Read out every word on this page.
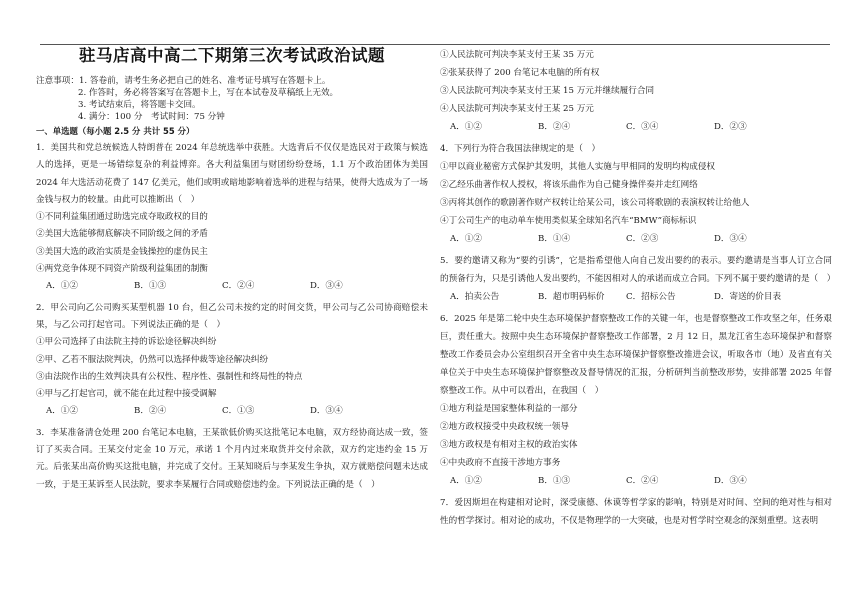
驻马店高中高二下期第三次考试政治试题

注意事项：1. 答卷前，请考生务必把自己的姓名、准考证号填写在答题卡上。

2. 作答时，务必将答案写在答题卡上，写在本试卷及草稿纸上无效。

3. 考试结束后，将答题卡交回。

4. 满分：100 分　考试时间：75 分钟

一、单选题（每小题 2.5 分 共计 55 分）

1．美国共和党总统候选人特朗普在 2024 年总统选举中获胜。大选背后不仅仅是选民对于政策与候选人的选择，更是一场错综复杂的利益博弈。各大利益集团与财团纷纷登场，1.1 万个政治团体为美国 2024 年大选活动花费了 147 亿美元，他们或明或暗地影响着选举的进程与结果，使得大选成为了一场金钱与权力的较量。由此可以推断出（　）

①不同利益集团通过助选完成夺取政权的目的

②美国大选能够彻底解决不同阶级之间的矛盾

③美国大选的政治实质是金钱操控的虚伪民主

④两党竞争体现不同资产阶级利益集团的制衡

A．①②	B．①③	C．②④	D．③④

2．甲公司向乙公司购买某型机器 10 台，但乙公司未按约定的时间交货，甲公司与乙公司协商赔偿未果，与乙公司打起官司。下列说法正确的是（　）

①甲公司选择了由法院主持的诉讼途径解决纠纷

②甲、乙若不服法院判决，仍然可以选择仲裁等途径解决纠纷

③由法院作出的生效判决具有公权性、程序性、强制性和终局性的特点

④甲与乙打起官司，就不能在此过程中接受调解

A．①②	B．②④	C．①③	D．③④

3．李某准备清仓处理 200 台笔记本电脑，王某欲低价购买这批笔记本电脑，双方经协商达成一致，签订了买卖合同。王某交付定金 10 万元，承诺 1 个月内过来取货并交付余款，双方约定违约金 15 万元。后张某出高价购买这批电脑，并完成了交付。王某知晓后与李某发生争执，双方就赔偿问题未达成一致，于是王某诉至人民法院，要求李某履行合同或赔偿违约金。下列说法正确的是（　）

①人民法院可判决李某支付王某 35 万元

②张某获得了 200 台笔记本电脑的所有权

③人民法院可判决李某支付王某 15 万元并继续履行合同

④人民法院可判决李某支付王某 25 万元

A．①②	B．②④	C．③④	D．②③

4．下列行为符合我国法律规定的是（　）

①甲以商业秘密方式保护其发明，其他人实施与甲相同的发明均构成侵权

②乙经乐曲著作权人授权，将该乐曲作为自己健身操伴奏并走红网络

③丙将其创作的歌剧著作财产权转让给某公司，该公司将歌剧的表演权转让给他人

④丁公司生产的电动单车使用类似某全球知名汽车“BMW”商标标识

A．①②	B．①④	C．②③	D．③④

5．要约邀请又称为“要约引诱”，它是指希望他人向自己发出要约的表示。要约邀请是当事人订立合同的预备行为，只是引诱他人发出要约，不能因相对人的承诺而成立合同。下列不属于要约邀请的是（　）

A．拍卖公告	B．超市明码标价	C．招标公告	D．寄送的价目表

6．2025 年是第二轮中央生态环境保护督察整改工作的关键一年，也是督察整改工作攻坚之年，任务艰巨，责任重大。按照中央生态环境保护督察整改工作部署，2 月 12 日，黑龙江省生态环境保护和督察整改工作委员会办公室组织召开全省中央生态环境保护督察整改推进会议，听取各市（地）及省直有关单位关于中央生态环境保护督察整改及督导情况的汇报，分析研判当前整改形势，安排部署 2025 年督察整改工作。从中可以看出，在我国（　）

①地方利益是国家整体利益的一部分

②地方政权接受中央政权统一领导

③地方政权是有相对主权的政治实体

④中央政府不直接干涉地方事务

A．①②	B．①③	C．②④	D．③④

7．爱因斯坦在构建相对论时，深受康德、休谟等哲学家的影响，特别是对时间、空间的绝对性与相对性的哲学探讨。相对论的成功，不仅是物理学的一大突破，也是对哲学时空观念的深刻重塑。这表明
